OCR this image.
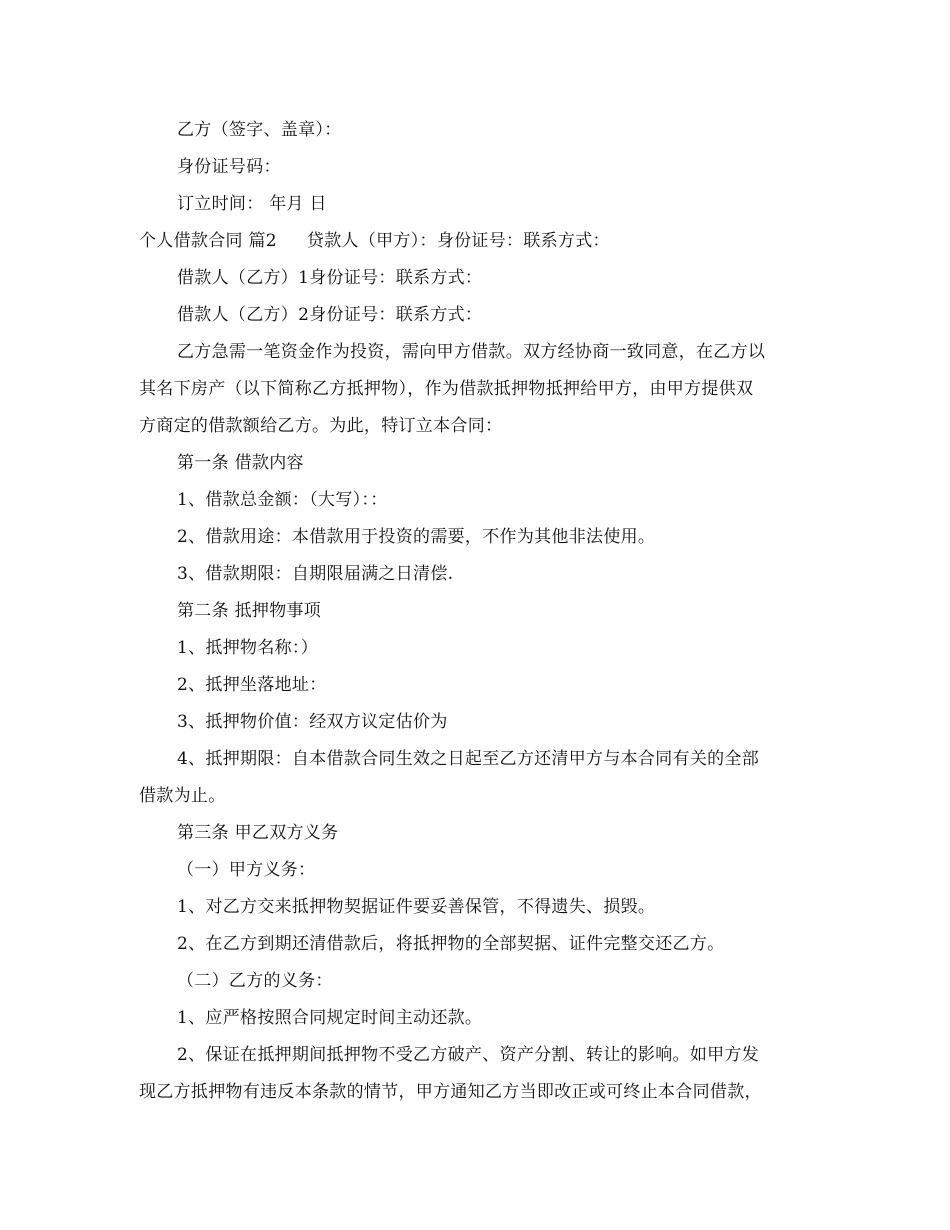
乙方（签字、盖章）：
身份证号码：
订立时间： 年月 日
个人借款合同 篇2 贷款人（甲方）：身份证号：联系方式：
借款人（乙方）1身份证号：联系方式：
借款人（乙方）2身份证号：联系方式：
乙方急需一笔资金作为投资，需向甲方借款。双方经协商一致同意，在乙方以
其名下房产（以下简称乙方抵押物），作为借款抵押物抵押给甲方，由甲方提供双
方商定的借款额给乙方。为此，特订立本合同：
第一条 借款内容
1、借款总金额：（大写）：：
2、借款用途：本借款用于投资的需要，不作为其他非法使用。
3、借款期限：自期限届满之日清偿.
第二条 抵押物事项
1、抵押物名称：）
2、抵押坐落地址：
3、抵押物价值：经双方议定估价为
4、抵押期限：自本借款合同生效之日起至乙方还清甲方与本合同有关的全部
借款为止。
第三条 甲乙双方义务
（一）甲方义务：
1、对乙方交来抵押物契据证件要妥善保管，不得遗失、损毁。
2、在乙方到期还清借款后，将抵押物的全部契据、证件完整交还乙方。
（二）乙方的义务：
1、应严格按照合同规定时间主动还款。
2、保证在抵押期间抵押物不受乙方破产、资产分割、转让的影响。如甲方发
现乙方抵押物有违反本条款的情节，甲方通知乙方当即改正或可终止本合同借款，
